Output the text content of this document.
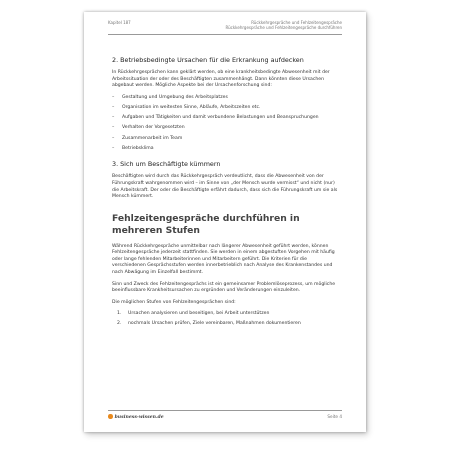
Kapitel 187	Rückkehrgespräche und Fehlzeitengespräche
Rückkehrgespräche und Fehlzeitengespräche durchführen
2. Betriebsbedingte Ursachen für die Erkrankung aufdecken

In Rückkehrgesprächen kann geklärt werden, ob eine krankheitsbedingte Abwesenheit mit der Arbeitssituation der oder des Beschäftigten zusammenhängt. Dann könnten diese Ursachen abgebaut werden. Mögliche Aspekte bei der Ursachenforschung sind:

– Gestaltung und Umgebung des Arbeitsplatzes
– Organisation im weitesten Sinne, Abläufe, Arbeitszeiten etc.
– Aufgaben und Tätigkeiten und damit verbundene Belastungen und Beanspruchungen
– Verhalten der Vorgesetzten
– Zusammenarbeit im Team
– Betriebsklima
3. Sich um Beschäftigte kümmern

Beschäftigten wird durch das Rückkehrgespräch verdeutlicht, dass die Abwesenheit von der Führungskraft wahrgenommen wird – im Sinne von „der Mensch wurde vermisst“ und nicht (nur) die Arbeitskraft. Der oder die Beschäftigte erfährt dadurch, dass sich die Führungskraft um sie als Mensch kümmert.

Fehlzeitengespräche durchführen in mehreren Stufen

Während Rückkehrgespräche unmittelbar nach längerer Abwesenheit geführt werden, können Fehlzeitengespräche jederzeit stattfinden. Sie werden in einem abgestuften Vorgehen mit häufig oder lange fehlenden Mitarbeiterinnen und Mitarbeitern geführt. Die Kriterien für die verschiedenen Gesprächsstufen werden innerbetrieblich nach Analyse des Krankenstandes und nach Abwägung im Einzelfall bestimmt.

Sinn und Zweck des Fehlzeitengesprächs ist ein gemeinsamer Problemlöseprozess, um mögliche beeinflussbare Krankheitsursachen zu ergründen und Veränderungen einzuleiten.

Die möglichen Stufen von Fehlzeitengesprächen sind:

1. Ursachen analysieren und beseitigen, bei Arbeit unterstützen
2. nochmals Ursachen prüfen, Ziele vereinbaren, Maßnahmen dokumentieren
business-wissen.de	Seite 4
